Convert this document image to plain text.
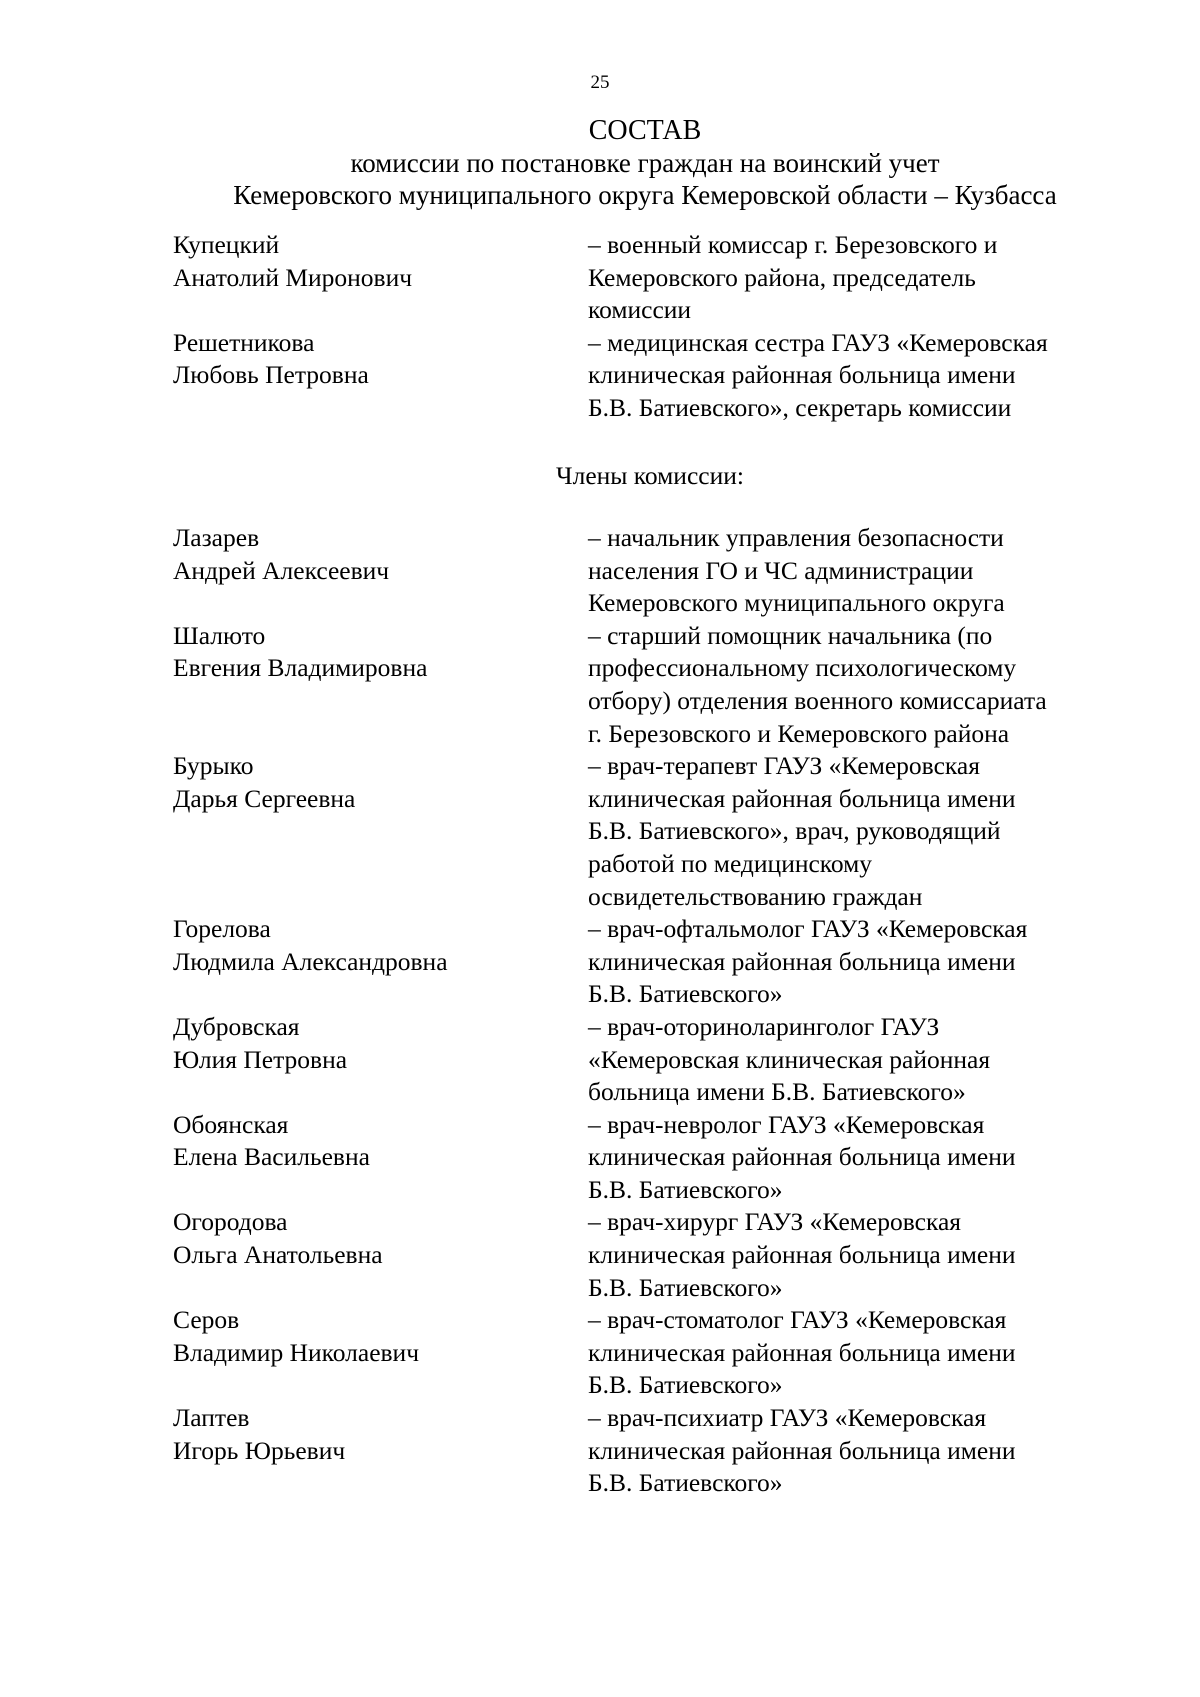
25
СОСТАВ
комиссии по постановке граждан на воинский учет
Кемеровского муниципального округа Кемеровской области – Кузбасса
Купецкий
Анатолий Миронович
– военный комиссар г. Березовского и
Кемеровского района, председатель
комиссии
Решетникова
Любовь Петровна
– медицинская сестра ГАУЗ «Кемеровская
клиническая районная больница имени
Б.В. Батиевского», секретарь комиссии
Члены комиссии:
Лазарев
Андрей Алексеевич
– начальник управления безопасности
населения ГО и ЧС администрации
Кемеровского муниципального округа
Шалюто
Евгения Владимировна
– старший помощник начальника (по
профессиональному психологическому
отбору) отделения военного комиссариата
г. Березовского и Кемеровского района
Бурыко
Дарья Сергеевна
– врач-терапевт ГАУЗ «Кемеровская
клиническая районная больница имени
Б.В. Батиевского», врач, руководящий
работой по медицинскому
освидетельствованию граждан
Горелова
Людмила Александровна
– врач-офтальмолог ГАУЗ «Кемеровская
клиническая районная больница имени
Б.В. Батиевского»
Дубровская
Юлия Петровна
– врач-оториноларинголог ГАУЗ
«Кемеровская клиническая районная
больница имени Б.В. Батиевского»
Обоянская
Елена Васильевна
– врач-невролог ГАУЗ «Кемеровская
клиническая районная больница имени
Б.В. Батиевского»
Огородова
Ольга Анатольевна
– врач-хирург ГАУЗ «Кемеровская
клиническая районная больница имени
Б.В. Батиевского»
Серов
Владимир Николаевич
– врач-стоматолог ГАУЗ «Кемеровская
клиническая районная больница имени
Б.В. Батиевского»
Лаптев
Игорь Юрьевич
– врач-психиатр ГАУЗ «Кемеровская
клиническая районная больница имени
Б.В. Батиевского»
